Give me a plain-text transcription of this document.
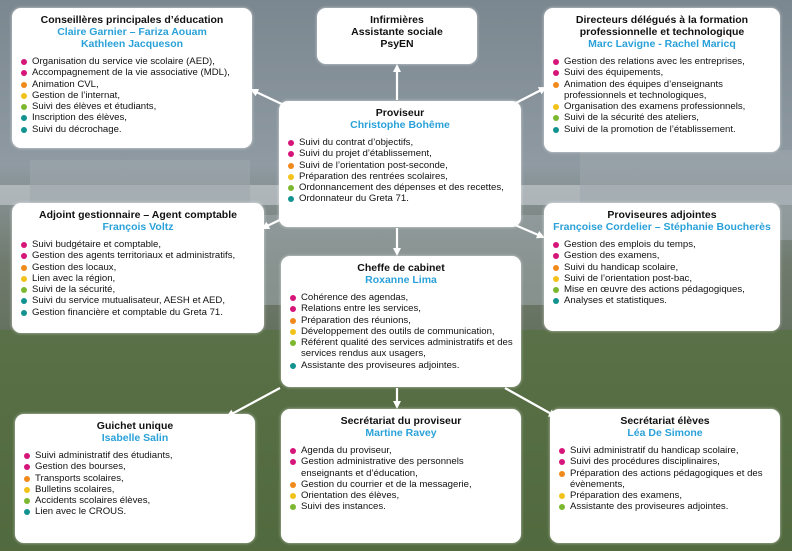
Conseillères principales d’éducation
Claire Garnier – Fariza Aouam
Kathleen Jacqueson
Organisation du service vie scolaire (AED),
Accompagnement de la vie associative (MDL),
Animation CVL,
Gestion de l’internat,
Suivi des élèves et étudiants,
Inscription des élèves,
Suivi du décrochage.
Infirmières
Assistante sociale
PsyEN
Directeurs délégués à la formation
professionnelle et technologique
Marc Lavigne - Rachel Maricq
Gestion des relations avec les entreprises,
Suivi des équipements,
Animation des équipes d’enseignants professionnels et technologiques,
Organisation des examens professionnels,
Suivi de la sécurité des ateliers,
Suivi de la promotion de l’établissement.
Proviseur
Christophe Bohême
Suivi du contrat d’objectifs,
Suivi du projet d’établissement,
Suivi de l’orientation post-seconde,
Préparation des rentrées scolaires,
Ordonnancement des dépenses et des recettes,
Ordonnateur du Greta 71.
Adjoint gestionnaire – Agent comptable
François Voltz
Suivi budgétaire et comptable,
Gestion des agents territoriaux et administratifs,
Gestion des locaux,
Lien avec la région,
Suivi de la sécurité,
Suivi du service mutualisateur, AESH et AED,
Gestion financière et comptable du Greta 71.
Proviseures adjointes
Françoise Cordelier – Stéphanie Boucherès
Gestion des emplois du temps,
Gestion des examens,
Suivi du handicap scolaire,
Suivi de l’orientation post-bac,
Mise en œuvre des actions pédagogiques,
Analyses et statistiques.
Cheffe de cabinet
Roxanne Lima
Cohérence des agendas,
Relations entre les services,
Préparation des réunions,
Développement des outils de communication,
Référent qualité des services administratifs et des services rendus aux usagers,
Assistante des proviseures adjointes.
Guichet unique
Isabelle Salin
Suivi administratif des étudiants,
Gestion des bourses,
Transports scolaires,
Bulletins scolaires,
Accidents scolaires élèves,
Lien avec le CROUS.
Secrétariat du proviseur
Martine Ravey
Agenda du proviseur,
Gestion administrative des personnels enseignants et d’éducation,
Gestion du courrier et de la messagerie,
Orientation des élèves,
Suivi des instances.
Secrétariat élèves
Léa De Simone
Suivi administratif du handicap scolaire,
Suivi des procédures disciplinaires,
Préparation des actions pédagogiques et des évènements,
Préparation des examens,
Assistante des proviseures adjointes.
